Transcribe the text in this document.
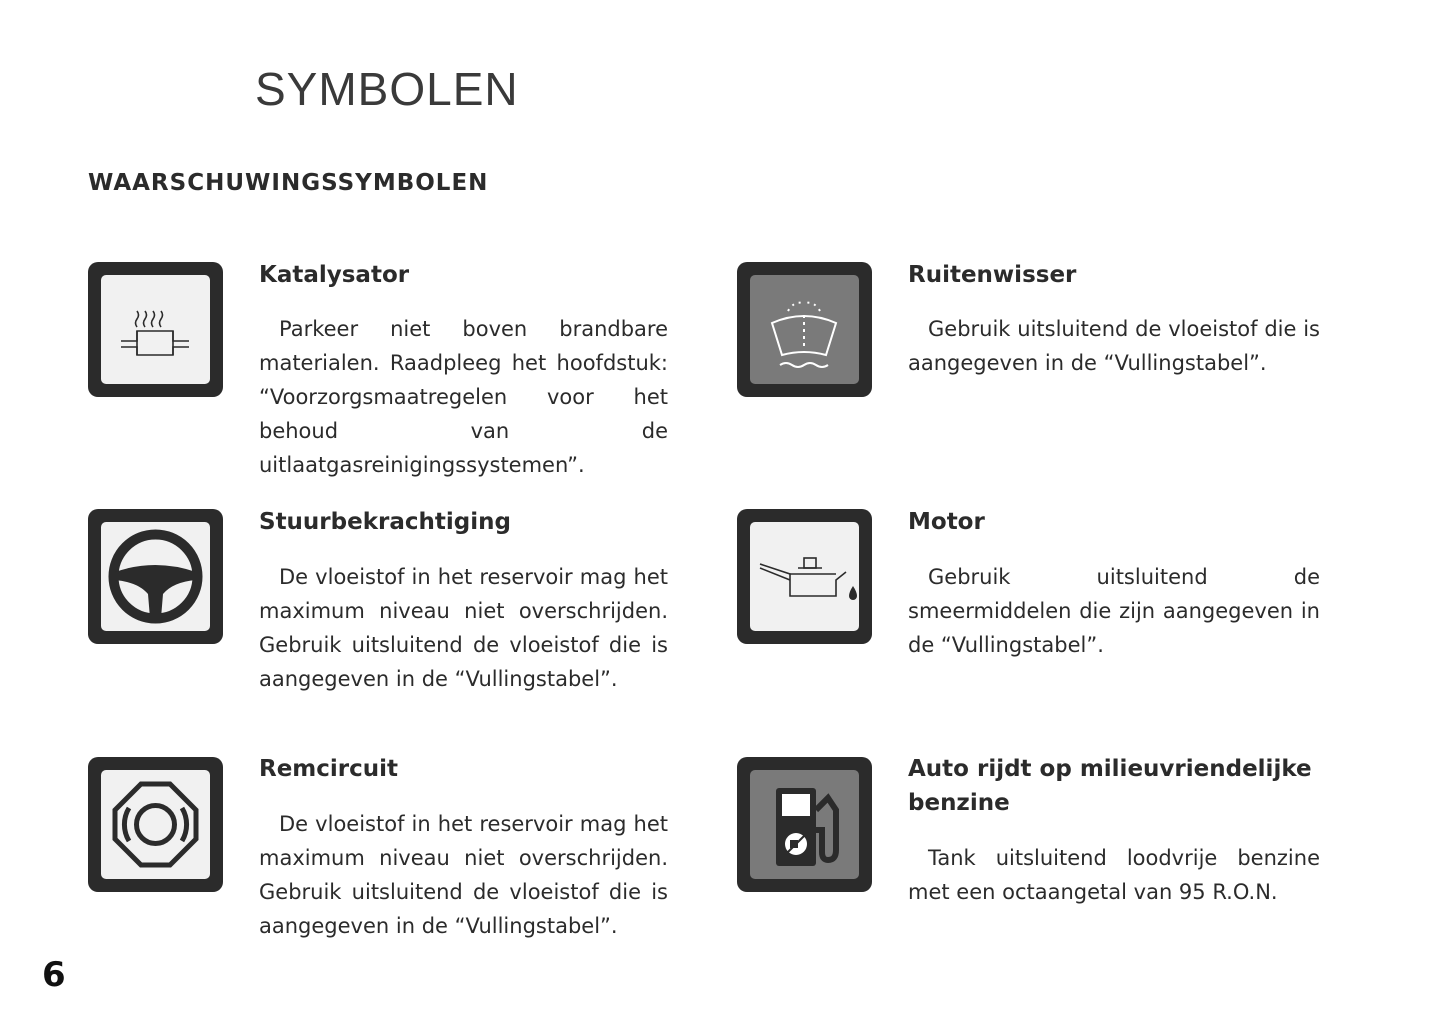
SYMBOLEN
WAARSCHUWINGSSYMBOLEN
Katalysator
Parkeer niet boven brandbare materialen. Raadpleeg het hoofdstuk: “Voorzorgsmaatregelen voor het behoud van de uitlaatgasreinigingssystemen”.
Ruitenwisser
Gebruik uitsluitend de vloeistof die is aangegeven in de “Vullingstabel”.
Stuurbekrachtiging
De vloeistof in het reservoir mag het maximum niveau niet overschrijden. Gebruik uitsluitend de vloeistof die is aangegeven in de “Vullingstabel”.
Motor
Gebruik uitsluitend de smeermiddelen die zijn aangegeven in de “Vullingstabel”.
Remcircuit
De vloeistof in het reservoir mag het maximum niveau niet overschrijden. Gebruik uitsluitend de vloeistof die is aangegeven in de “Vullingstabel”.
Auto rijdt op milieuvriendelijke benzine
Tank uitsluitend loodvrije benzine met een octaangetal van 95 R.O.N.
6
